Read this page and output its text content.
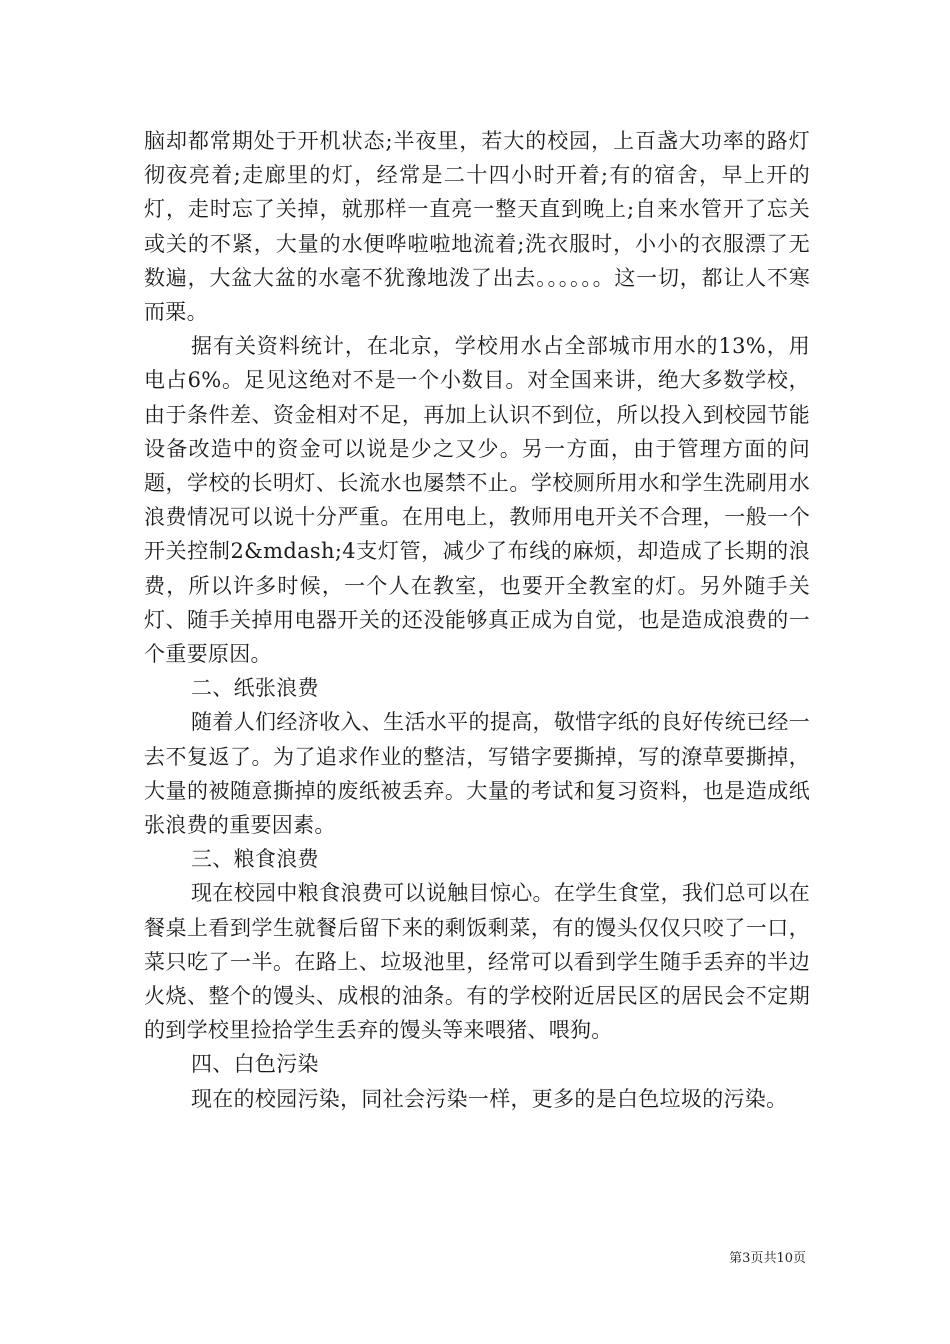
脑却都常期处于开机状态;半夜里，若大的校园，上百盏大功率的路灯彻夜亮着;走廊里的灯，经常是二十四小时开着;有的宿舍，早上开的灯，走时忘了关掉，就那样一直亮一整天直到晚上;自来水管开了忘关或关的不紧，大量的水便哗啦啦地流着;洗衣服时，小小的衣服漂了无数遍，大盆大盆的水毫不犹豫地泼了出去。。。。。。这一切，都让人不寒而栗。

据有关资料统计，在北京，学校用水占全部城市用水的13%，用电占6%。足见这绝对不是一个小数目。对全国来讲，绝大多数学校，由于条件差、资金相对不足，再加上认识不到位，所以投入到校园节能设备改造中的资金可以说是少之又少。另一方面，由于管理方面的问题，学校的长明灯、长流水也屡禁不止。学校厕所用水和学生洗刷用水浪费情况可以说十分严重。在用电上，教师用电开关不合理，一般一个开关控制2&mdash;4支灯管，减少了布线的麻烦，却造成了长期的浪费，所以许多时候，一个人在教室，也要开全教室的灯。另外随手关灯、随手关掉用电器开关的还没能够真正成为自觉，也是造成浪费的一个重要原因。

二、纸张浪费

随着人们经济收入、生活水平的提高，敬惜字纸的良好传统已经一去不复返了。为了追求作业的整洁，写错字要撕掉，写的潦草要撕掉，大量的被随意撕掉的废纸被丢弃。大量的考试和复习资料，也是造成纸张浪费的重要因素。

三、粮食浪费

现在校园中粮食浪费可以说触目惊心。在学生食堂，我们总可以在餐桌上看到学生就餐后留下来的剩饭剩菜，有的馒头仅仅只咬了一口，菜只吃了一半。在路上、垃圾池里，经常可以看到学生随手丢弃的半边火烧、整个的馒头、成根的油条。有的学校附近居民区的居民会不定期的到学校里捡拾学生丢弃的馒头等来喂猪、喂狗。

四、白色污染

现在的校园污染，同社会污染一样，更多的是白色垃圾的污染。

第3页共10页
